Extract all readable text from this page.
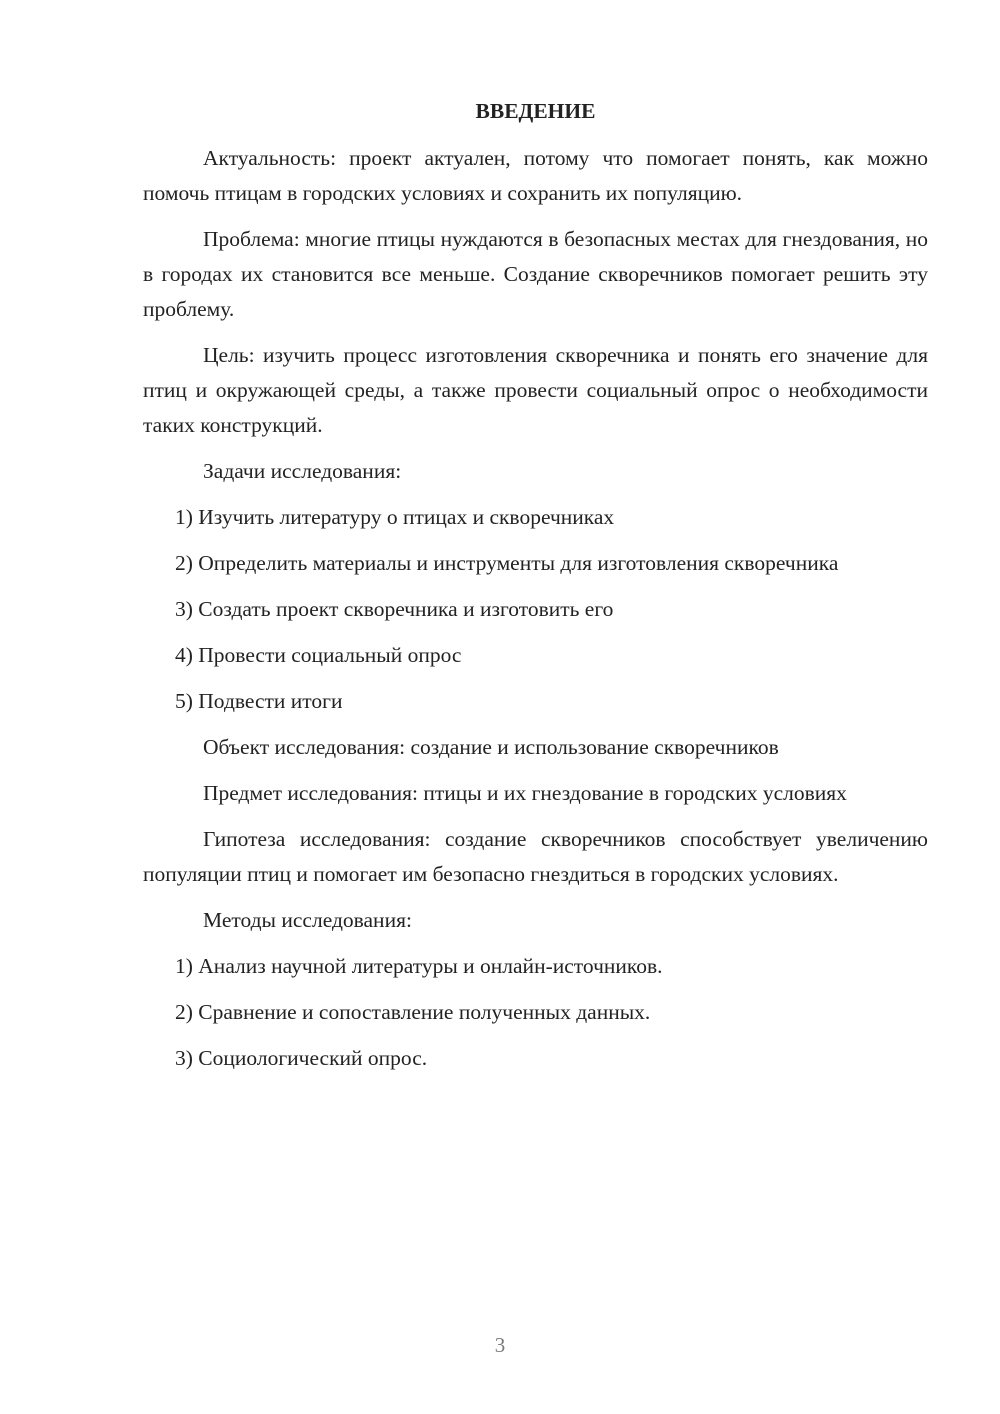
ВВЕДЕНИЕ
Актуальность: проект актуален, потому что помогает понять, как можно помочь птицам в городских условиях и сохранить их популяцию.
Проблема: многие птицы нуждаются в безопасных местах для гнездования, но в городах их становится все меньше. Создание скворечников помогает решить эту проблему.
Цель: изучить процесс изготовления скворечника и понять его значение для птиц и окружающей среды, а также провести социальный опрос о необходимости таких конструкций.
Задачи исследования:
1) Изучить литературу о птицах и скворечниках
2) Определить материалы и инструменты для изготовления скворечника
3) Создать проект скворечника и изготовить его
4) Провести социальный опрос
5) Подвести итоги
Объект исследования: создание и использование скворечников
Предмет исследования: птицы и их гнездование в городских условиях
Гипотеза исследования: создание скворечников способствует увеличению популяции птиц и помогает им безопасно гнездиться в городских условиях.
Методы исследования:
1) Анализ научной литературы и онлайн-источников.
2) Сравнение и сопоставление полученных данных.
3) Социологический опрос.
3
